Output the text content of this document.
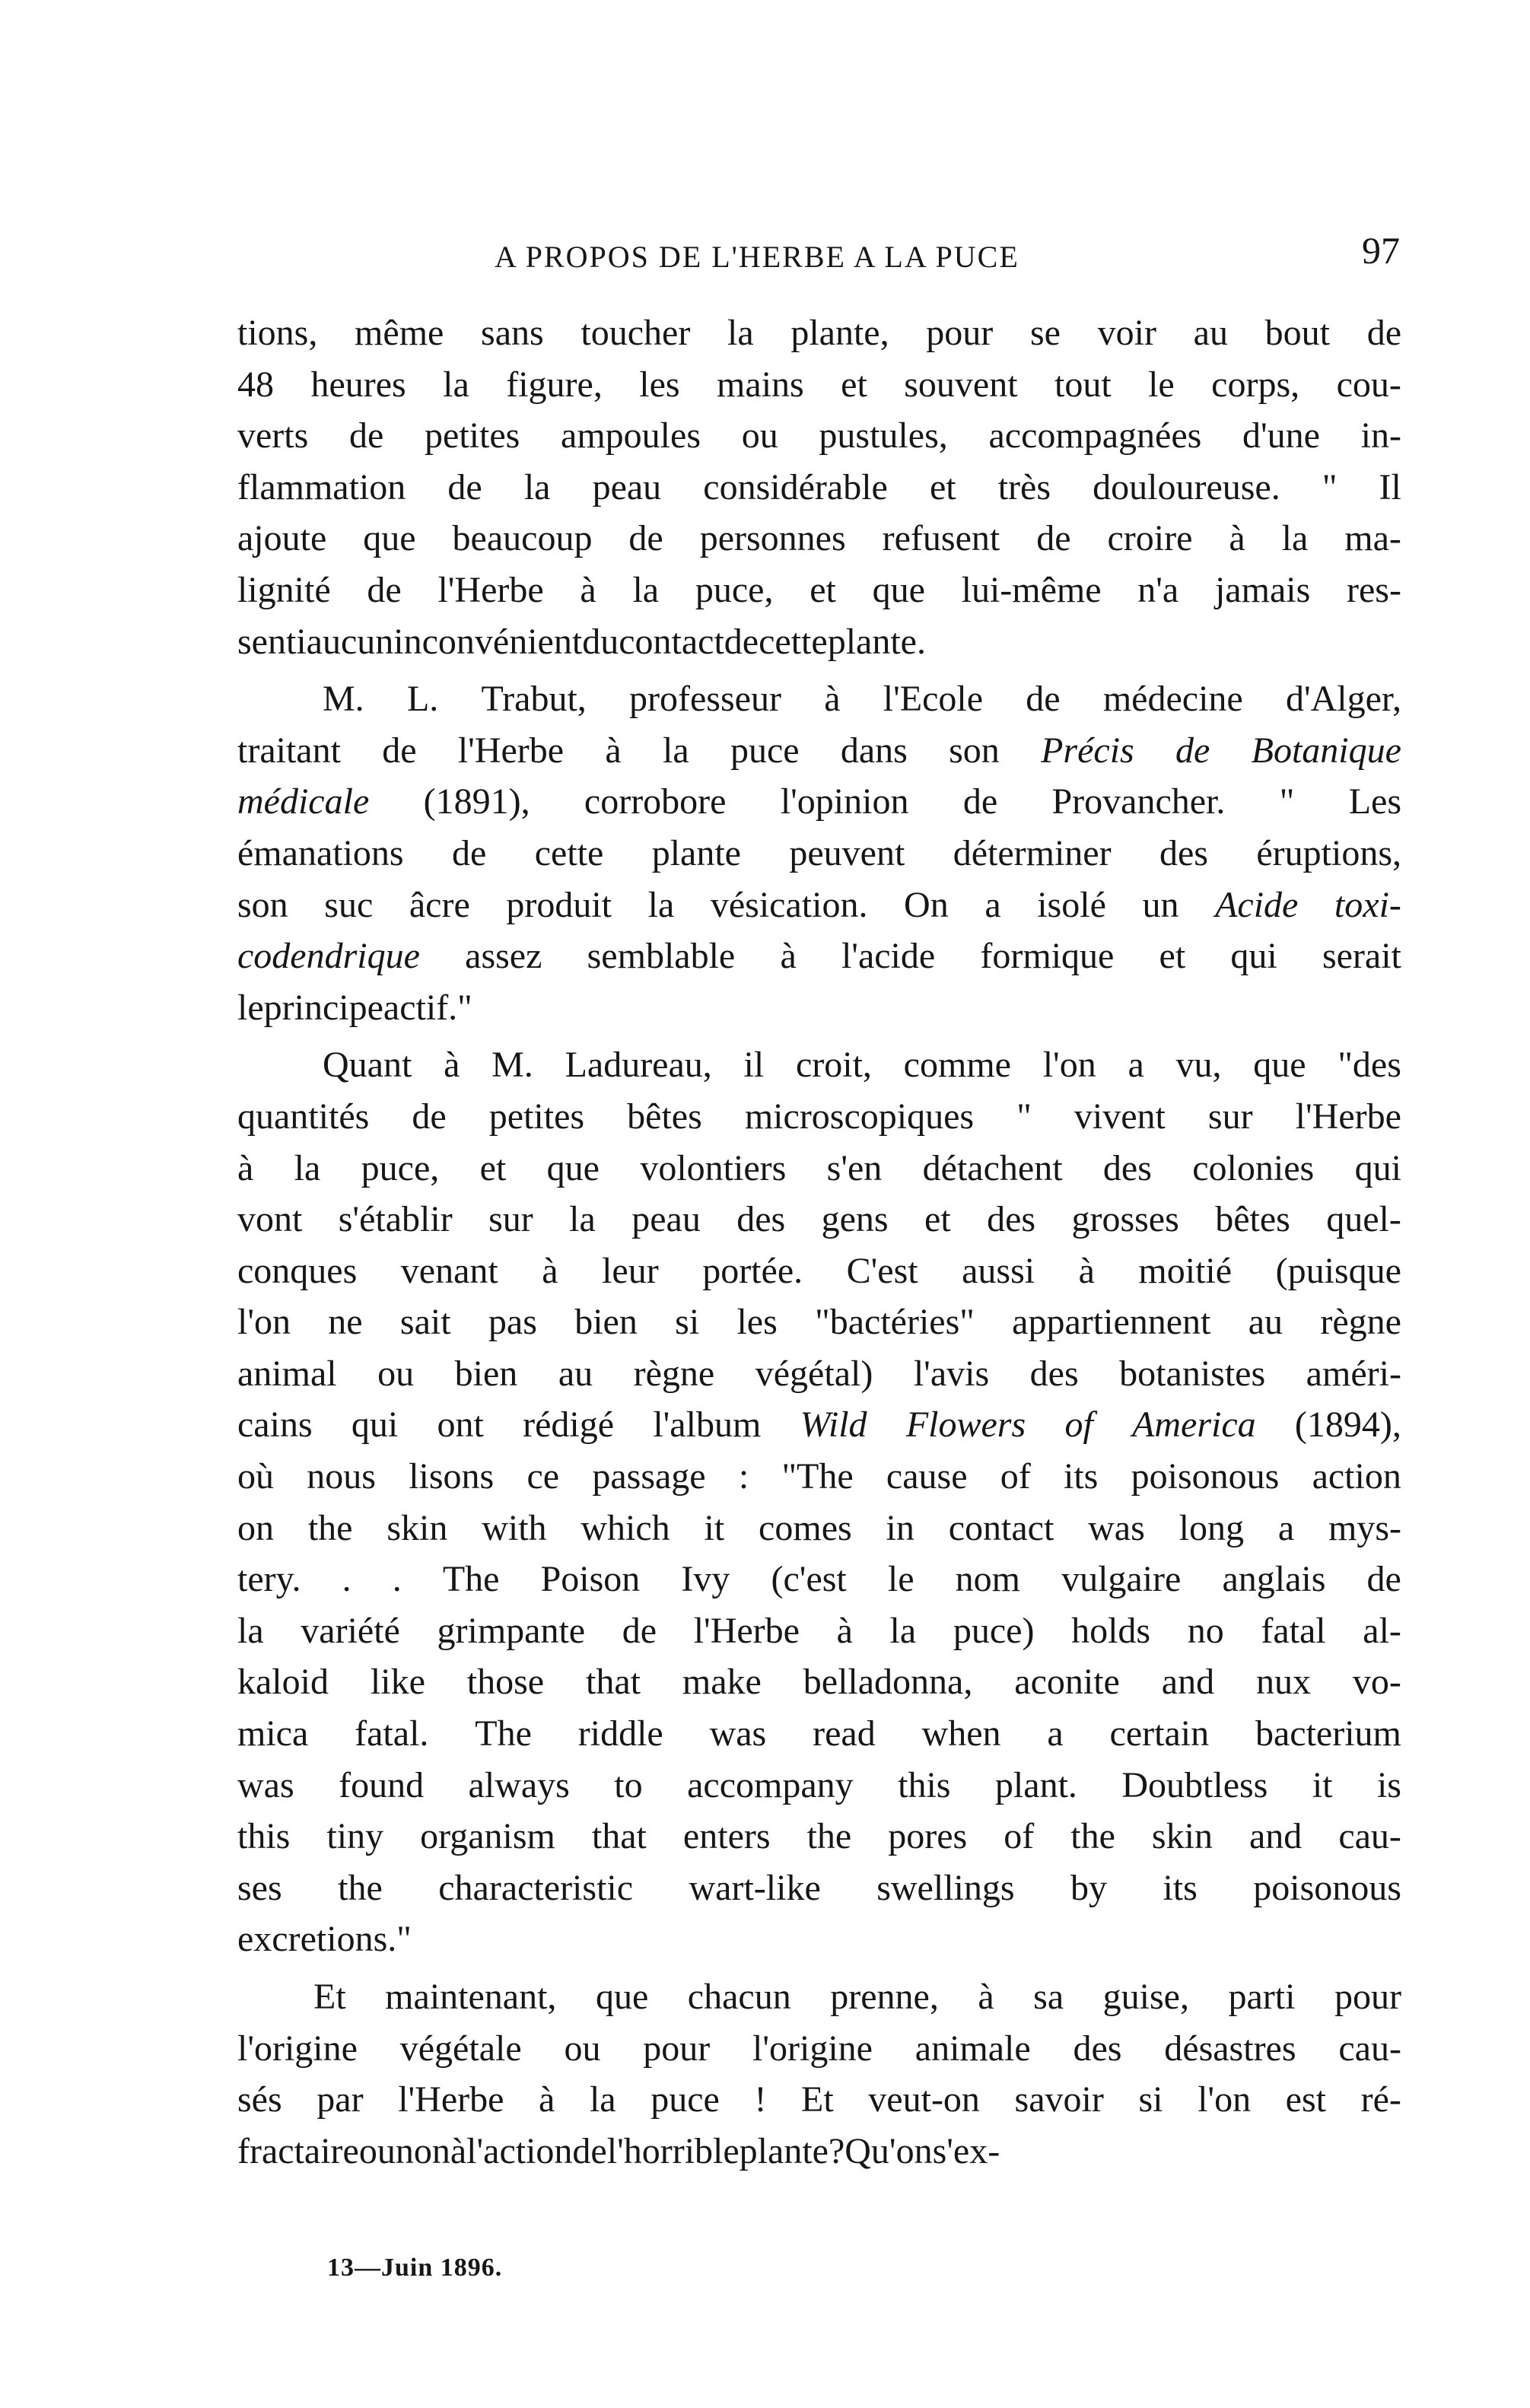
A PROPOS DE L'HERBE A LA PUCE	97
tions, même sans toucher la plante, pour se voir au bout de
48 heures la figure, les mains et souvent tout le corps, cou-
verts de petites ampoules ou pustules, accompagnées d'une in-
flammation de la peau considérable et très douloureuse. " Il
ajoute que beaucoup de personnes refusent de croire à la ma-
lignité de l'Herbe à la puce, et que lui-même n'a jamais res-
senti aucun inconvénient du contact de cette plante.
M. L. Trabut, professeur à l'Ecole de médecine d'Alger,
traitant de l'Herbe à la puce dans son Précis de Botanique
médicale (1891), corrobore l'opinion de Provancher. " Les
émanations de cette plante peuvent déterminer des éruptions,
son suc âcre produit la vésication. On a isolé un Acide toxi-
codendrique assez semblable à l'acide formique et qui serait
le principe actif. "
Quant à M. Ladureau, il croit, comme l'on a vu, que "des
quantités de petites bêtes microscopiques " vivent sur l'Herbe
à la puce, et que volontiers s'en détachent des colonies qui
vont s'établir sur la peau des gens et des grosses bêtes quel-
conques venant à leur portée. C'est aussi à moitié (puisque
l'on ne sait pas bien si les "bactéries" appartiennent au règne
animal ou bien au règne végétal) l'avis des botanistes améri-
cains qui ont rédigé l'album Wild Flowers of America (1894),
où nous lisons ce passage : "The cause of its poisonous action
on the skin with which it comes in contact was long a mys-
tery. . . The Poison Ivy (c'est le nom vulgaire anglais de
la variété grimpante de l'Herbe à la puce) holds no fatal al-
kaloid like those that make belladonna, aconite and nux vo-
mica fatal. The riddle was read when a certain bacterium
was found always to accompany this plant. Doubtless it is
this tiny organism that enters the pores of the skin and cau-
ses the characteristic wart-like swellings by its poisonous
excretions."
Et maintenant, que chacun prenne, à sa guise, parti pour
l'origine végétale ou pour l'origine animale des désastres cau-
sés par l'Herbe à la puce ! Et veut-on savoir si l'on est ré-
fractaire ou non à l'action de l'horrible plante ? Qu'on s'ex-
13—Juin 1896.
